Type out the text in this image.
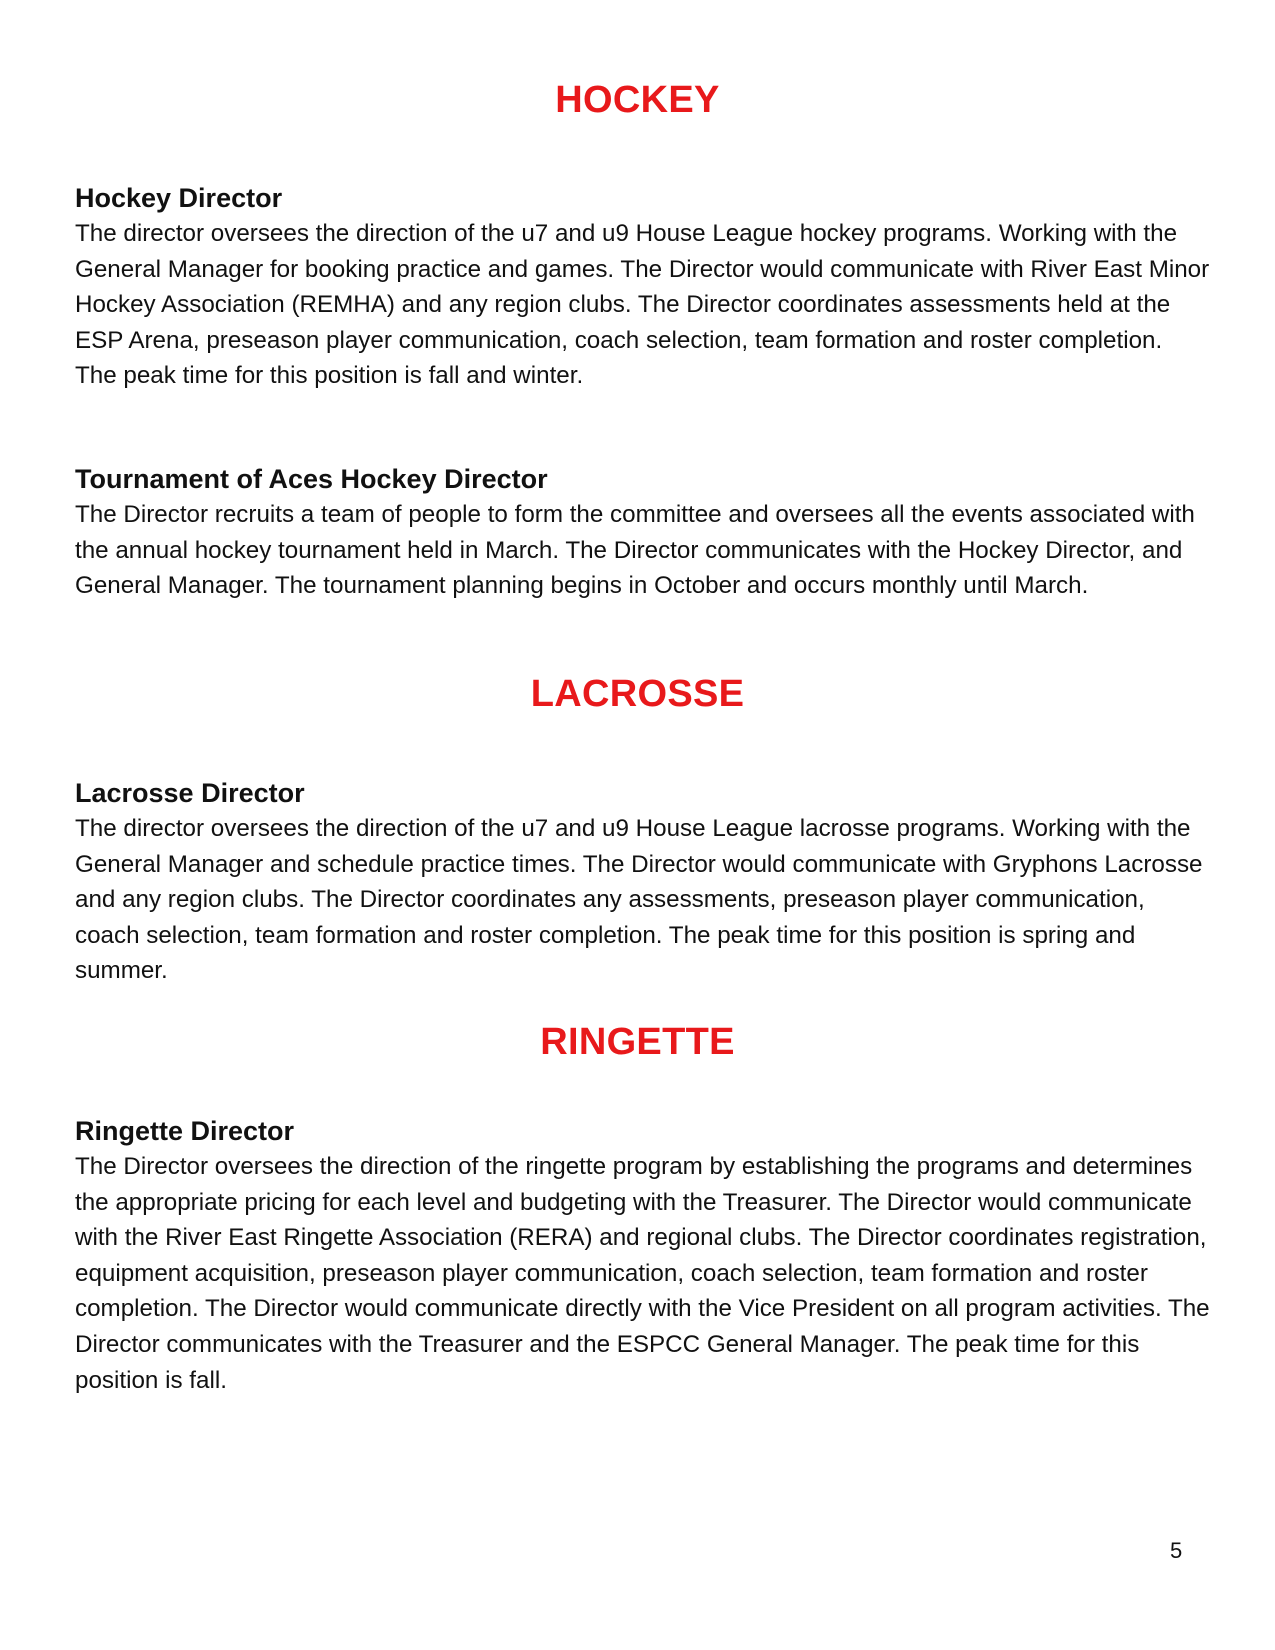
HOCKEY
Hockey Director

The director oversees the direction of the u7 and u9 House League hockey programs. Working with the General Manager for booking practice and games. The Director would communicate with River East Minor Hockey Association (REMHA) and any region clubs. The Director coordinates assessments held at the ESP Arena, preseason player communication, coach selection, team formation and roster completion. The peak time for this position is fall and winter.

Tournament of Aces Hockey Director

The Director recruits a team of people to form the committee and oversees all the events associated with the annual hockey tournament held in March. The Director communicates with the Hockey Director, and General Manager. The tournament planning begins in October and occurs monthly until March.

LACROSSE
Lacrosse Director

The director oversees the direction of the u7 and u9 House League lacrosse programs. Working with the General Manager and schedule practice times. The Director would communicate with Gryphons Lacrosse and any region clubs. The Director coordinates any assessments, preseason player communication, coach selection, team formation and roster completion. The peak time for this position is spring and summer.

RINGETTE
Ringette Director

The Director oversees the direction of the ringette program by establishing the programs and determines the appropriate pricing for each level and budgeting with the Treasurer. The Director would communicate with the River East Ringette Association (RERA) and regional clubs. The Director coordinates registration, equipment acquisition, preseason player communication, coach selection, team formation and roster completion. The Director would communicate directly with the Vice President on all program activities. The Director communicates with the Treasurer and the ESPCC General Manager. The peak time for this position is fall.

5
